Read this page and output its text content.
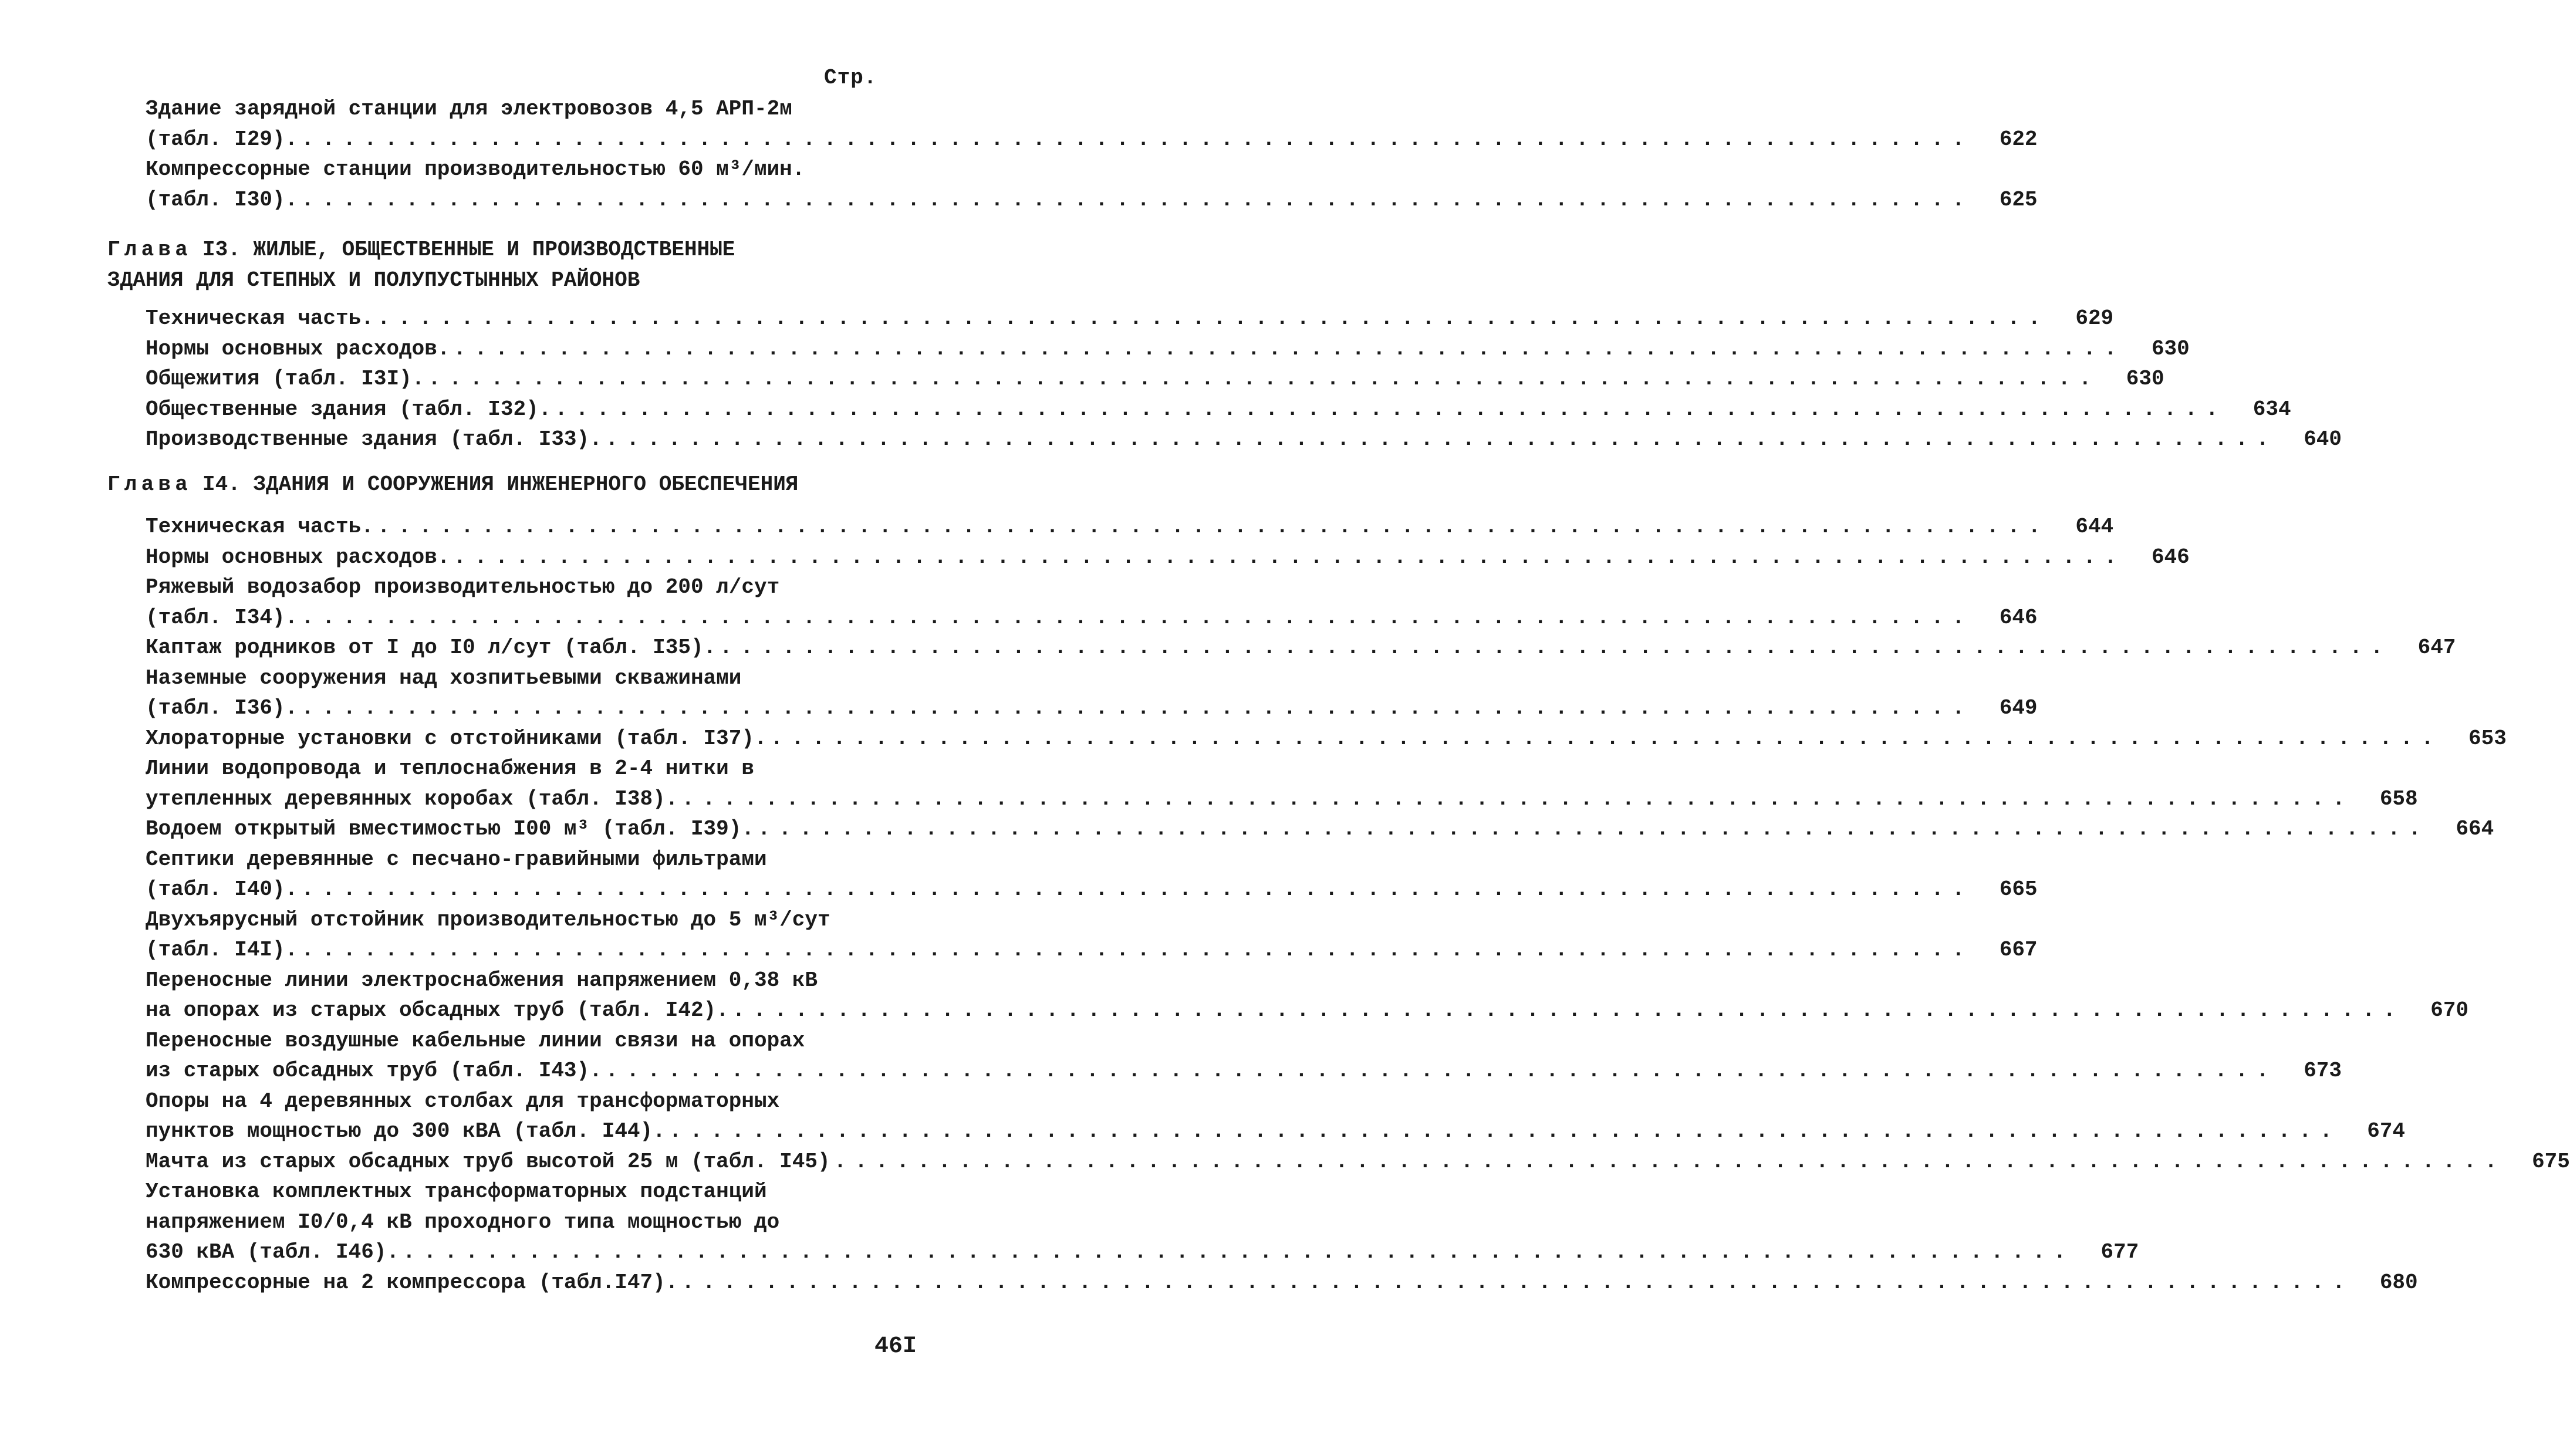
Стр.
Здание зарядной станции для электровозов 4,5 АРП-2м
(табл. I29). ................................................................................	622
Компрессорные станции производительностью 60 м³/мин.
(табл. I30). ................................................................................	625
Глава I3. ЖИЛЫЕ, ОБЩЕСТВЕННЫЕ И ПРОИЗВОДСТВЕННЫЕ
ЗДАНИЯ ДЛЯ СТЕПНЫХ И ПОЛУПУСТЫННЫХ РАЙОНОВ
Техническая часть. ................................................................................	629
Нормы основных расходов. ................................................................................	630
Общежития (табл. I3I). ................................................................................	630
Общественные здания (табл. I32). ................................................................................	634
Производственные здания (табл. I33). ................................................................................	640
Глава I4. ЗДАНИЯ И СООРУЖЕНИЯ ИНЖЕНЕРНОГО ОБЕСПЕЧЕНИЯ
Техническая часть. ................................................................................	644
Нормы основных расходов. ................................................................................	646
Ряжевый водозабор производительностью до 200 л/сут
(табл. I34). ................................................................................	646
Каптаж родников от I до I0 л/сут (табл. I35). ................................................................................	647
Наземные сооружения над хозпитьевыми скважинами
(табл. I36). ................................................................................	649
Хлораторные установки с отстойниками (табл. I37). ................................................................................	653
Линии водопровода и теплоснабжения в 2-4 нитки в
утепленных деревянных коробах (табл. I38). ................................................................................	658
Водоем открытый вместимостью I00 м³ (табл. I39). ................................................................................	664
Септики деревянные с песчано-гравийными фильтрами
(табл. I40). ................................................................................	665
Двухъярусный отстойник производительностью до 5 м³/сут
(табл. I4I). ................................................................................	667
Переносные линии электроснабжения напряжением 0,38 кВ
на опорах из старых обсадных труб (табл. I42). ................................................................................	670
Переносные воздушные кабельные линии связи на опорах
из старых обсадных труб (табл. I43). ................................................................................	673
Опоры на 4 деревянных столбах для трансформаторных
пунктов мощностью до 300 кВА (табл. I44). ................................................................................	674
Мачта из старых обсадных труб высотой 25 м (табл. I45) ................................................................................	675
Установка комплектных трансформаторных подстанций
напряжением I0/0,4 кВ проходного типа мощностью до
630 кВА (табл. I46). ................................................................................	677
Компрессорные на 2 компрессора (табл.I47). ................................................................................	680
46I
